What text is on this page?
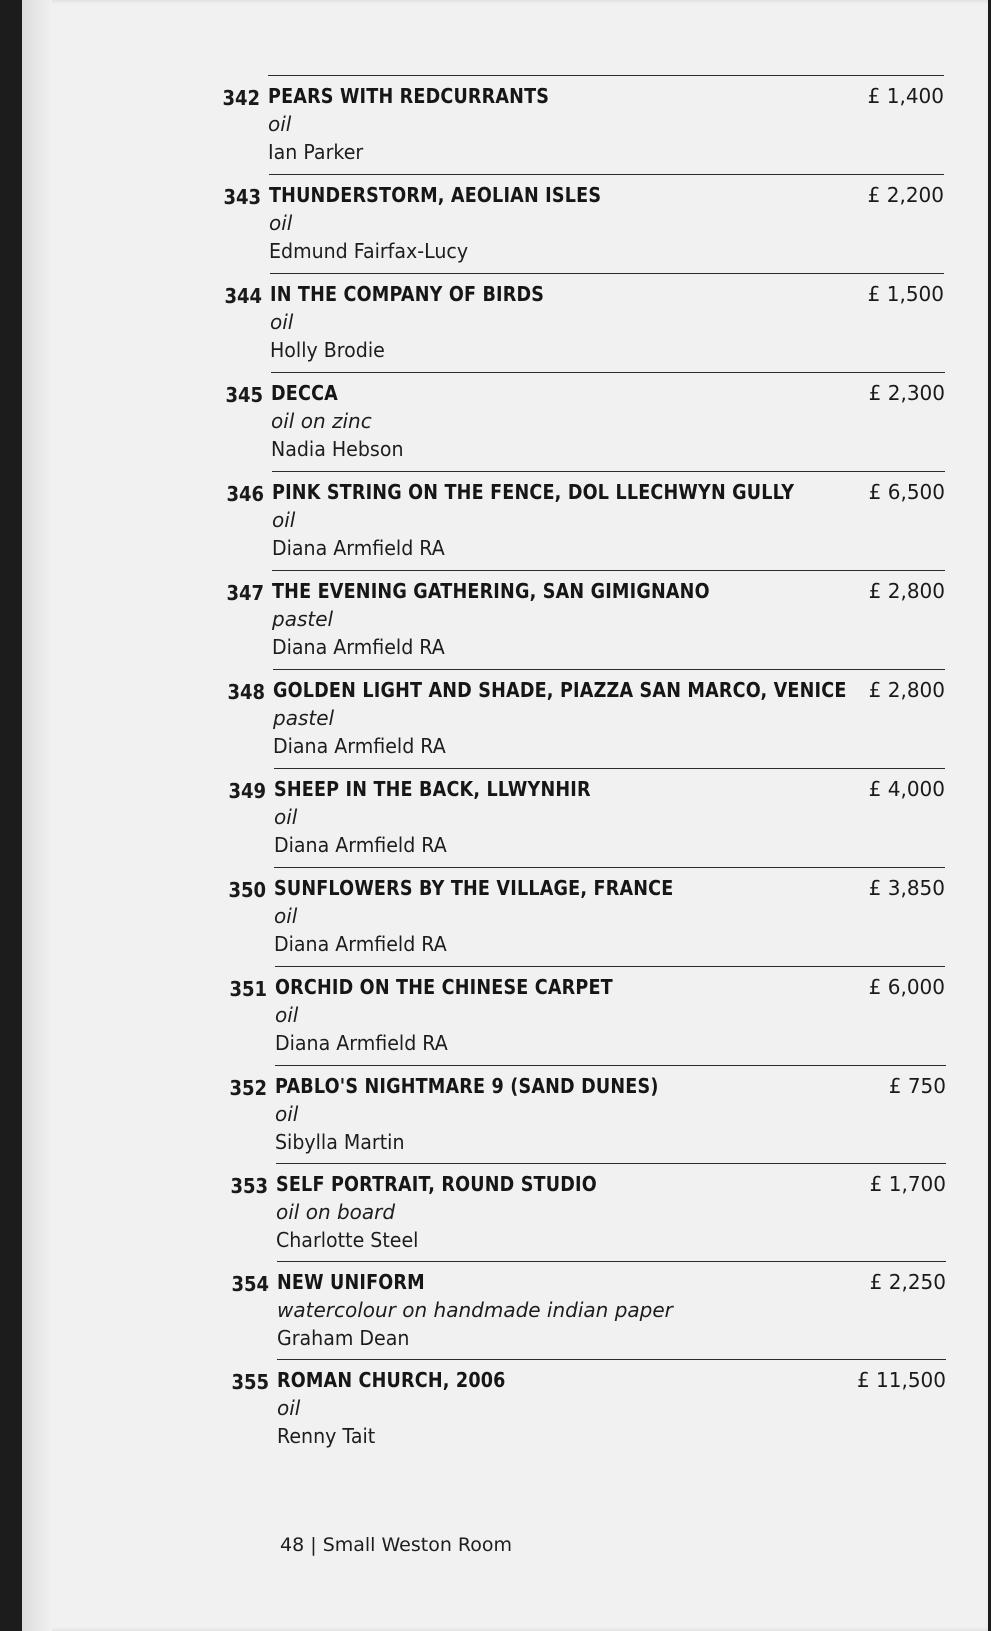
342 PEARS WITH REDCURRANTS
oil
Ian Parker
£ 1,400
343 THUNDERSTORM, AEOLIAN ISLES
oil
Edmund Fairfax-Lucy
£ 2,200
344 IN THE COMPANY OF BIRDS
oil
Holly Brodie
£ 1,500
345 DECCA
oil on zinc
Nadia Hebson
£ 2,300
346 PINK STRING ON THE FENCE, DOL LLECHWYN GULLY
oil
Diana Armfield RA
£ 6,500
347 THE EVENING GATHERING, SAN GIMIGNANO
pastel
Diana Armfield RA
£ 2,800
348 GOLDEN LIGHT AND SHADE, PIAZZA SAN MARCO, VENICE
pastel
Diana Armfield RA
£ 2,800
349 SHEEP IN THE BACK, LLWYNHIR
oil
Diana Armfield RA
£ 4,000
350 SUNFLOWERS BY THE VILLAGE, FRANCE
oil
Diana Armfield RA
£ 3,850
351 ORCHID ON THE CHINESE CARPET
oil
Diana Armfield RA
£ 6,000
352 PABLO'S NIGHTMARE 9 (SAND DUNES)
oil
Sibylla Martin
£ 750
353 SELF PORTRAIT, ROUND STUDIO
oil on board
Charlotte Steel
£ 1,700
354 NEW UNIFORM
watercolour on handmade indian paper
Graham Dean
£ 2,250
355 ROMAN CHURCH, 2006
oil
Renny Tait
£ 11,500
48 | Small Weston Room
